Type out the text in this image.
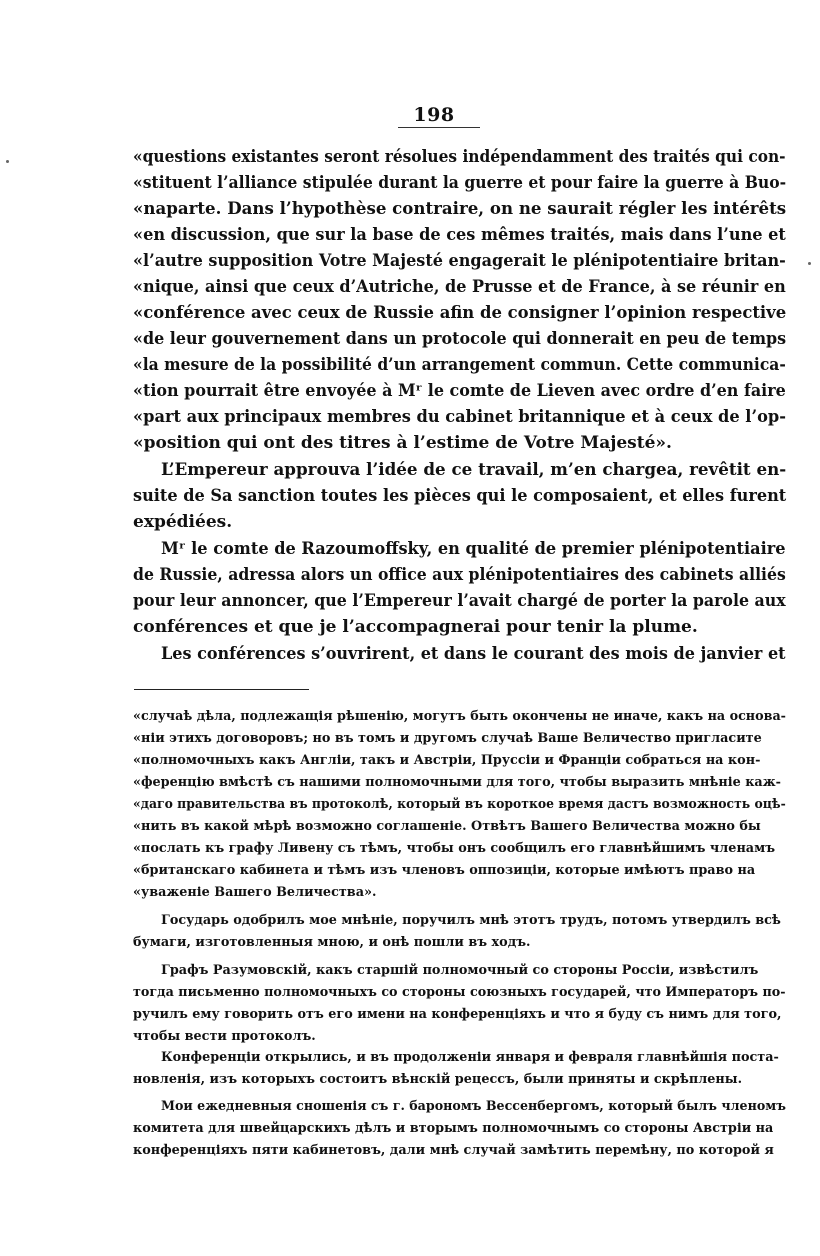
198
«questions existantes seront résolues indépendamment des traités qui con-
«stituent l’alliance stipulée durant la guerre et pour faire la guerre à Buo-
«naparte. Dans l’hypothèse contraire, on ne saurait régler les intérêts
«en discussion, que sur la base de ces mêmes traités, mais dans l’une et
«l’autre supposition Votre Majesté engagerait le plénipotentiaire britan-
«nique, ainsi que ceux d’Autriche, de Prusse et de France, à se réunir en
«conférence avec ceux de Russie afin de consigner l’opinion respective
«de leur gouvernement dans un protocole qui donnerait en peu de temps
«la mesure de la possibilité d’un arrangement commun. Cette communica-
«tion pourrait être envoyée à Mʳ le comte de Lieven avec ordre d’en faire
«part aux principaux membres du cabinet britannique et à ceux de l’op-
«position qui ont des titres à l’estime de Votre Majesté».
L’Empereur approuva l’idée de ce travail, m’en chargea, revêtit en-
suite de Sa sanction toutes les pièces qui le composaient, et elles furent
expédiées.
Mʳ le comte de Razoumoffsky, en qualité de premier plénipotentiaire
de Russie, adressa alors un office aux plénipotentiaires des cabinets alliés
pour leur annoncer, que l’Empereur l’avait chargé de porter la parole aux
conférences et que je l’accompagnerai pour tenir la plume.
Les conférences s’ouvrirent, et dans le courant des mois de janvier et
«случаѣ дѣла, подлежащія рѣшенію, могутъ быть окончены не иначе, какъ на основа-
«ніи этихъ договоровъ; но въ томъ и другомъ случаѣ Ваше Величество пригласите
«полномочныхъ какъ Англіи, такъ и Австріи, Пруссіи и Франціи собраться на кон-
«ференцію вмѣстѣ съ нашими полномочными для того, чтобы выразить мнѣніе каж-
«даго правительства въ протоколѣ, который въ короткое время дастъ возможность оцѣ-
«нить въ какой мѣрѣ возможно соглашеніе. Отвѣтъ Вашего Величества можно бы
«послать къ графу Ливену съ тѣмъ, чтобы онъ сообщилъ его главнѣйшимъ членамъ
«британскаго кабинета и тѣмъ изъ членовъ оппозиціи, которые имѣютъ право на
«уваженіе Вашего Величества».
Государь одобрилъ мое мнѣніе, поручилъ мнѣ этотъ трудъ, потомъ утвердилъ всѣ
бумаги, изготовленныя мною, и онѣ пошли въ ходъ.
Графъ Разумовскій, какъ старшій полномочный со стороны Россіи, извѣстилъ
тогда письменно полномочныхъ со стороны союзныхъ государей, что Императоръ по-
ручилъ ему говорить отъ его имени на конференціяхъ и что я буду съ нимъ для того,
чтобы вести протоколъ.
Конференціи открылись, и въ продолженіи января и февраля главнѣйшія поста-
новленія, изъ которыхъ состоитъ вѣнскій рецессъ, были приняты и скрѣплены.
Мои ежедневныя сношенія съ г. барономъ Вессенбергомъ, который былъ членомъ
комитета для швейцарскихъ дѣлъ и вторымъ полномочнымъ со стороны Австріи на
конференціяхъ пяти кабинетовъ, дали мнѣ случай замѣтить перемѣну, по которой я
